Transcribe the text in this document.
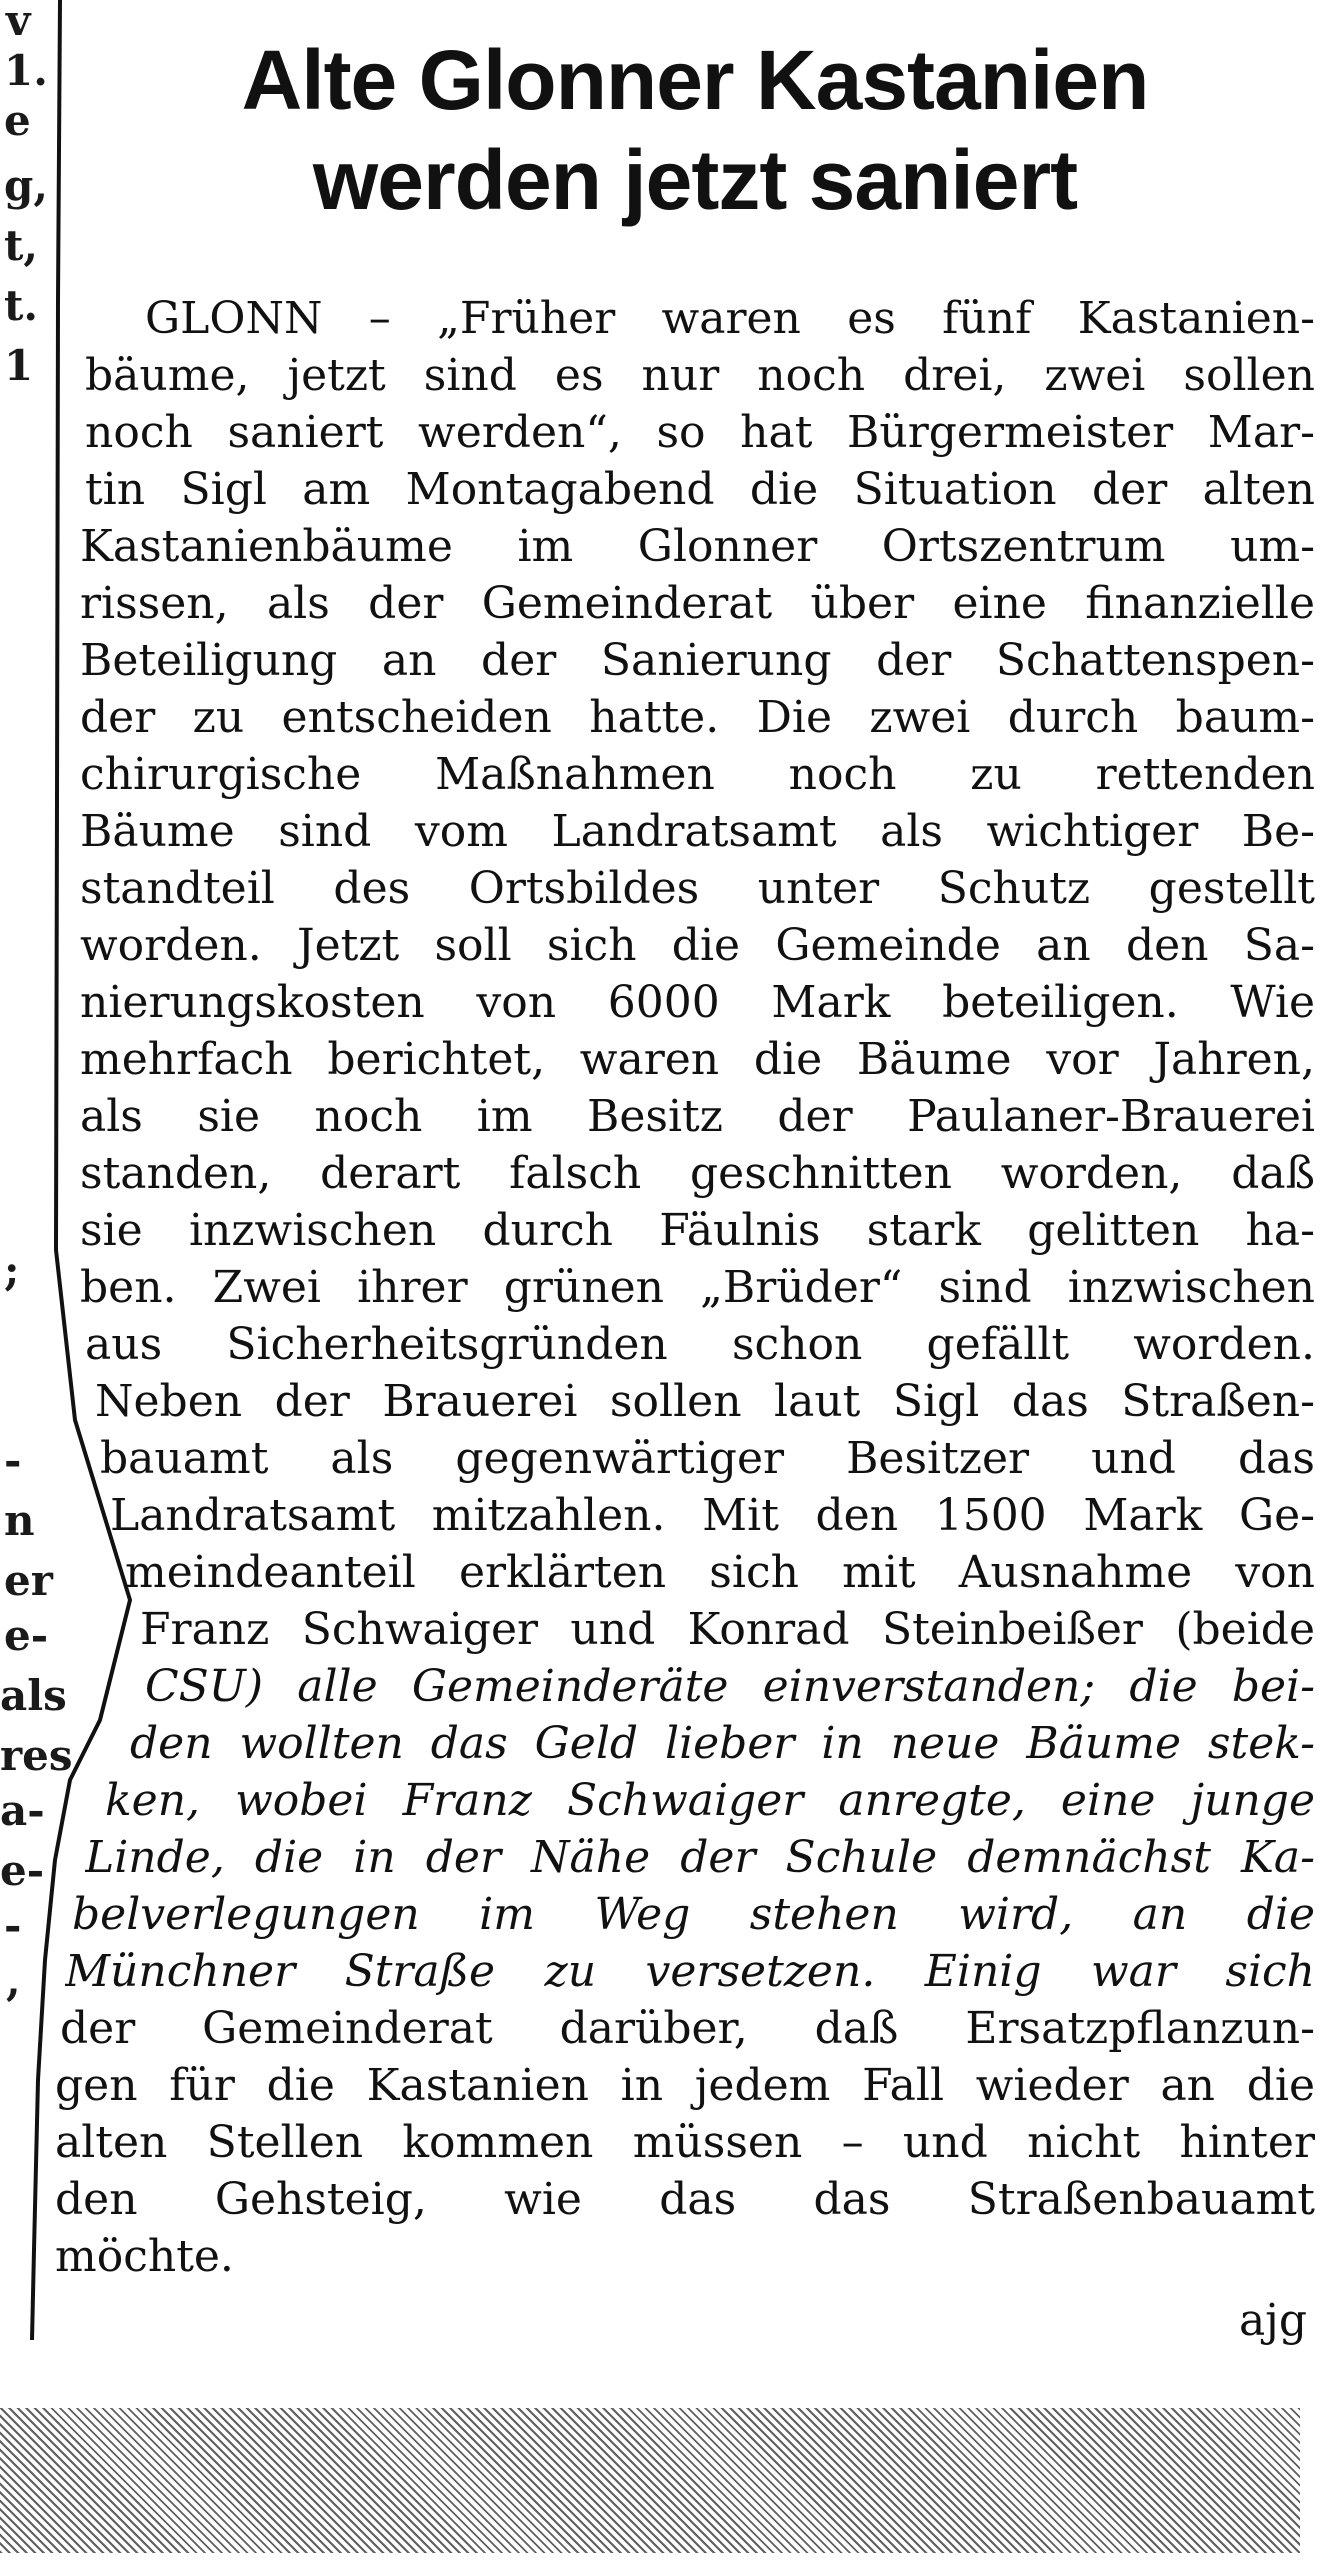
v
1.
e
g,
t,
t.
1
;
-
n
er
e-
als
res
a-
e-
-
,
Alte Glonner Kastanien
werden jetzt saniert
GLONN – „Früher waren es fünf Kastanien-
bäume, jetzt sind es nur noch drei, zwei sollen
noch saniert werden“, so hat Bürgermeister Mar-
tin Sigl am Montagabend die Situation der alten
Kastanienbäume im Glonner Ortszentrum um-
rissen, als der Gemeinderat über eine finanzielle
Beteiligung an der Sanierung der Schattenspen-
der zu entscheiden hatte. Die zwei durch baum-
chirurgische Maßnahmen noch zu rettenden
Bäume sind vom Landratsamt als wichtiger Be-
standteil des Ortsbildes unter Schutz gestellt
worden. Jetzt soll sich die Gemeinde an den Sa-
nierungskosten von 6000 Mark beteiligen. Wie
mehrfach berichtet, waren die Bäume vor Jahren,
als sie noch im Besitz der Paulaner-Brauerei
standen, derart falsch geschnitten worden, daß
sie inzwischen durch Fäulnis stark gelitten ha-
ben. Zwei ihrer grünen „Brüder“ sind inzwischen
aus Sicherheitsgründen schon gefällt worden.
Neben der Brauerei sollen laut Sigl das Straßen-
bauamt als gegenwärtiger Besitzer und das
Landratsamt mitzahlen. Mit den 1500 Mark Ge-
meindeanteil erklärten sich mit Ausnahme von
Franz Schwaiger und Konrad Steinbeißer (beide
CSU) alle Gemeinderäte einverstanden; die bei-
den wollten das Geld lieber in neue Bäume stek-
ken, wobei Franz Schwaiger anregte, eine junge
Linde, die in der Nähe der Schule demnächst Ka-
belverlegungen im Weg stehen wird, an die
Münchner Straße zu versetzen. Einig war sich
der Gemeinderat darüber, daß Ersatzpflanzun-
gen für die Kastanien in jedem Fall wieder an die
alten Stellen kommen müssen – und nicht hinter
den Gehsteig, wie das das Straßenbauamt
möchte.
ajg
